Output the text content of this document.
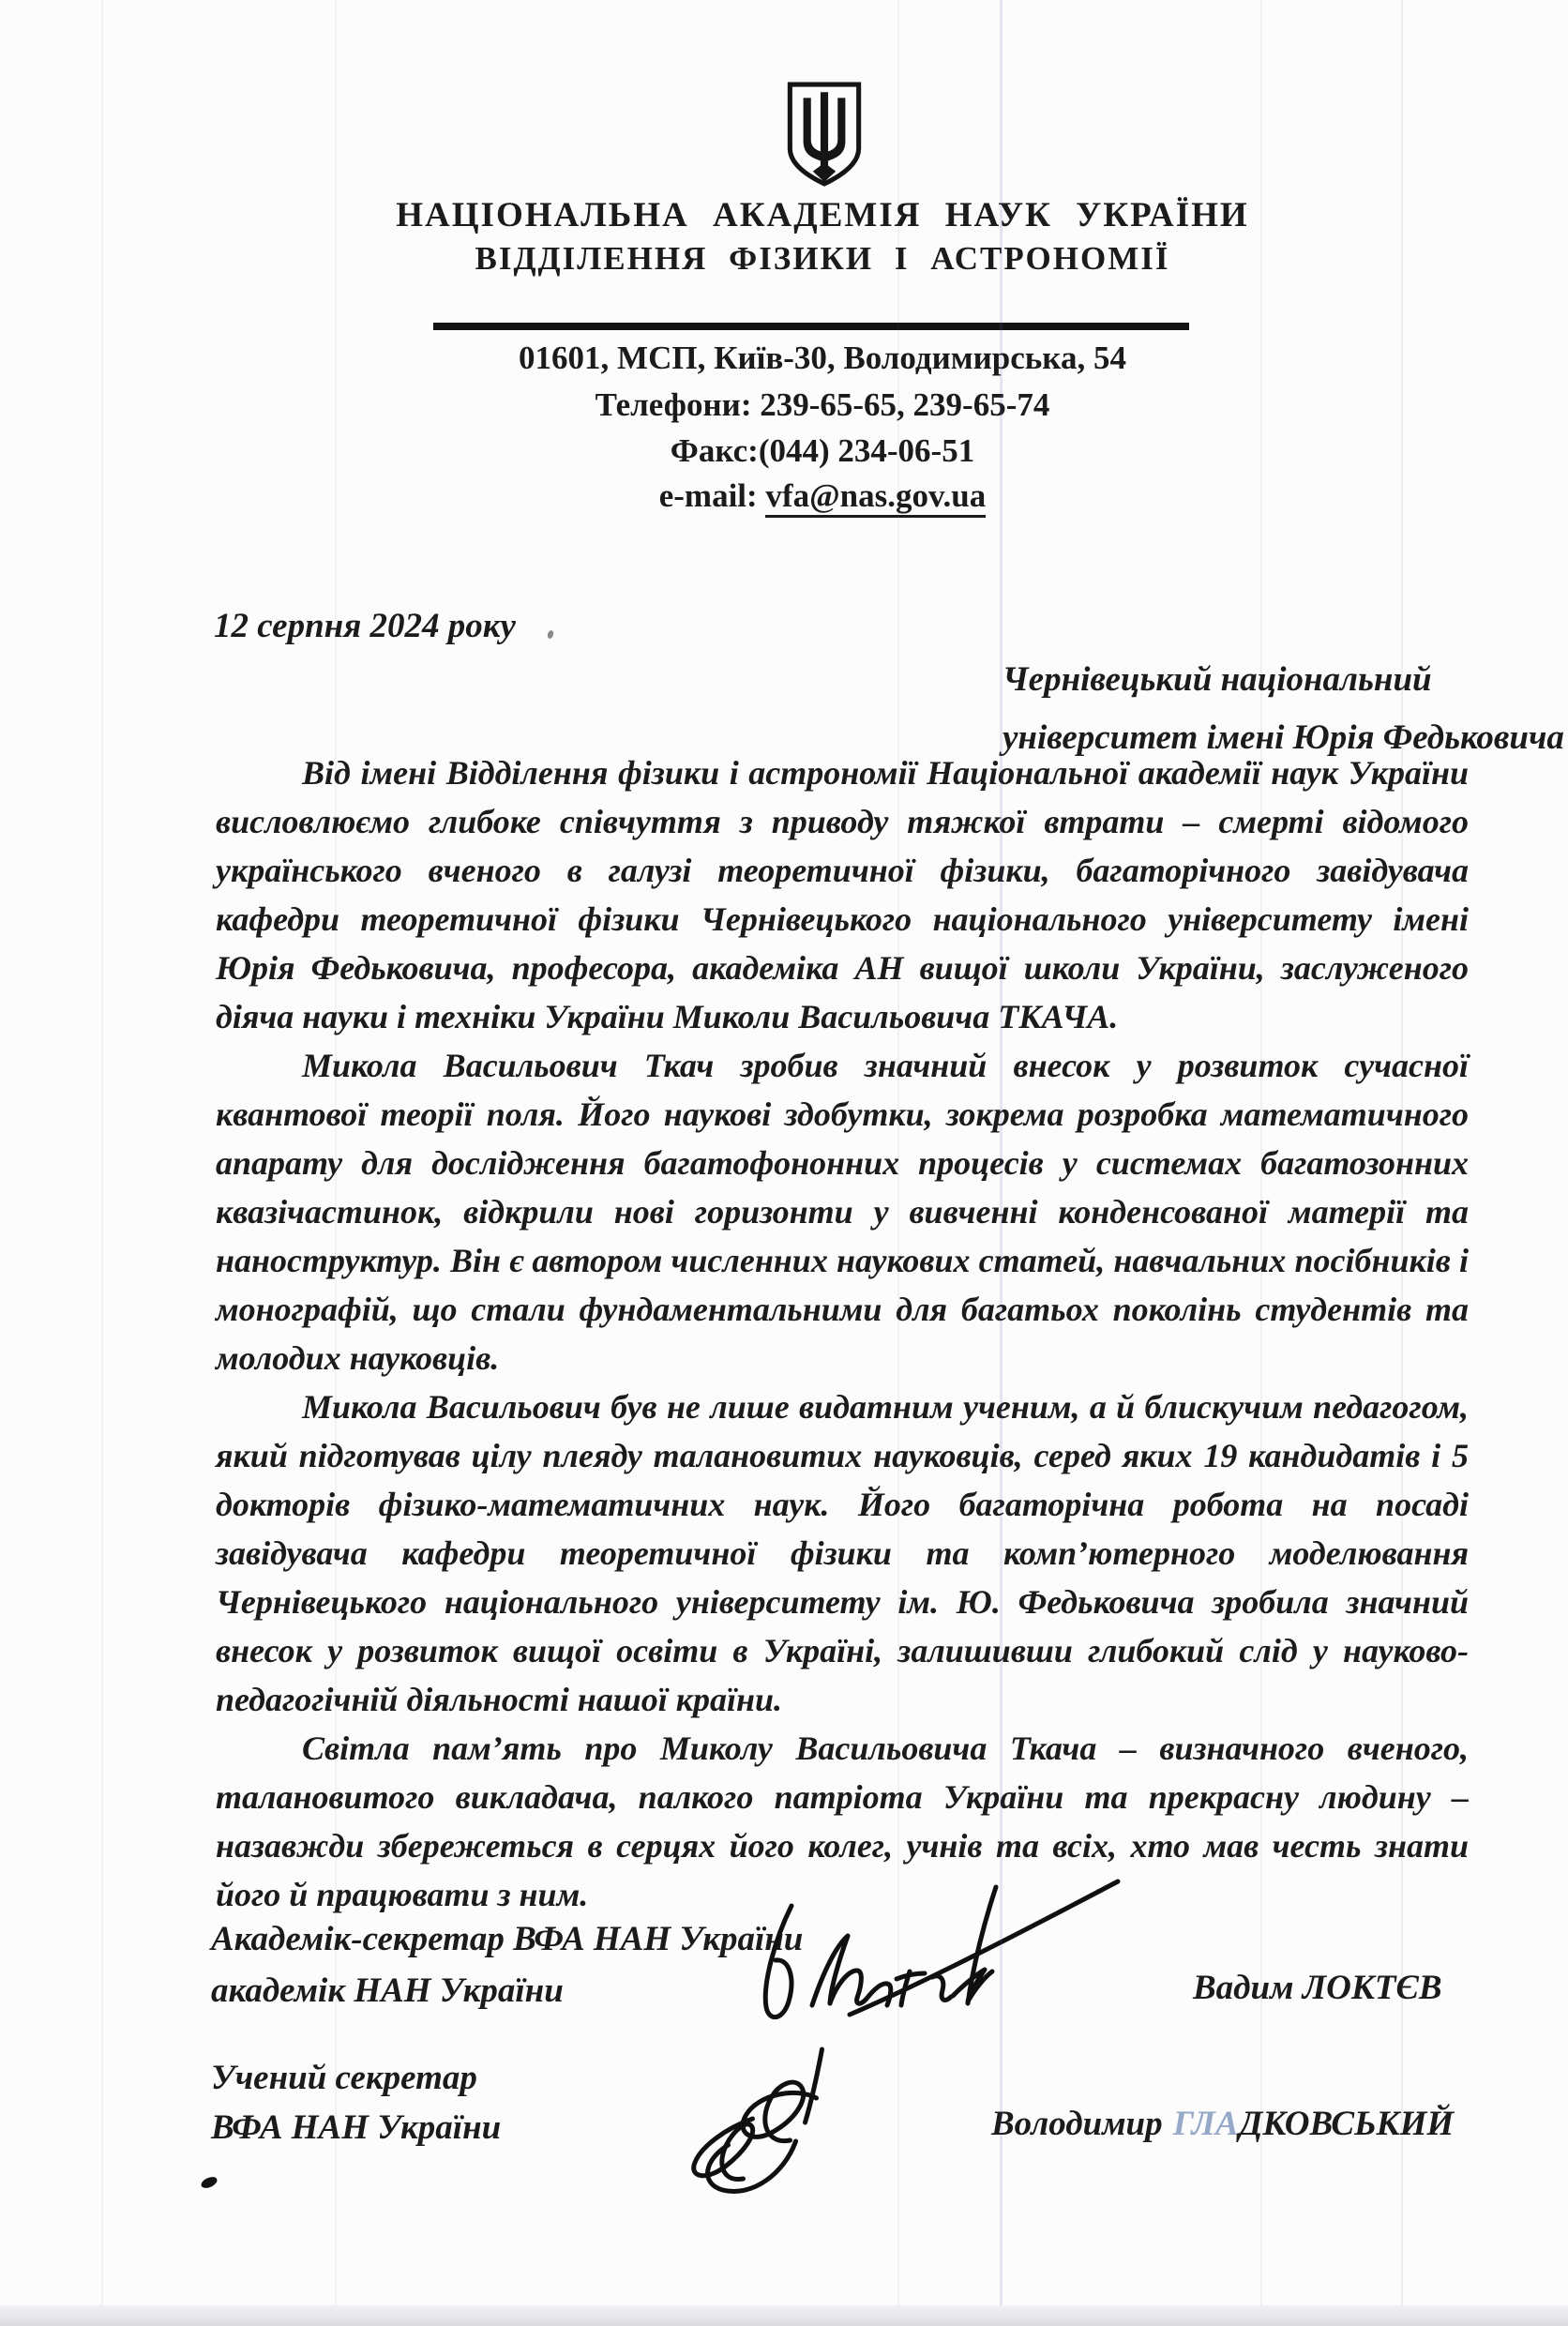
НАЦІОНАЛЬНА АКАДЕМІЯ НАУК УКРАЇНИ
ВІДДІЛЕННЯ ФІЗИКИ І АСТРОНОМІЇ
01601, МСП, Київ-30, Володимирська, 54
Телефони: 239-65-65, 239-65-74
Факс:(044) 234-06-51
e-mail: vfa@nas.gov.ua
12 серпня 2024 року
Чернівецький національний
університет імені Юрія Федьковича

Від імені Відділення фізики і астрономії Національної академії наук України висловлюємо глибоке співчуття з приводу тяжкої втрати – смерті відомого українського вченого в галузі теоретичної фізики, багаторічного завідувача кафедри теоретичної фізики Чернівецького національного університету імені Юрія Федьковича, професора, академіка АН вищої школи України, заслуженого діяча науки і техніки України Миколи Васильовича ТКАЧА.

Микола Васильович Ткач зробив значний внесок у розвиток сучасної квантової теорії поля. Його наукові здобутки, зокрема розробка математичного апарату для дослідження багатофононних процесів у системах багатозонних квазічастинок, відкрили нові горизонти у вивченні конденсованої матерії та наноструктур. Він є автором численних наукових статей, навчальних посібників і монографій, що стали фундаментальними для багатьох поколінь студентів та молодих науковців.

Микола Васильович був не лише видатним ученим, а й блискучим педагогом, який підготував цілу плеяду талановитих науковців, серед яких 19 кандидатів і 5 докторів фізико-математичних наук. Його багаторічна робота на посаді завідувача кафедри теоретичної фізики та комп’ютерного моделювання Чернівецького національного університету ім. Ю. Федьковича зробила значний внесок у розвиток вищої освіти в Україні, залишивши глибокий слід у науково-педагогічній діяльності нашої країни.

Світла пам’ять про Миколу Васильовича Ткача – визначного вченого, талановитого викладача, палкого патріота України та прекрасну людину – назавжди збережеться в серцях його колег, учнів та всіх, хто мав честь знати його й працювати з ним.

Академік-секретар ВФА НАН України
академік НАН України	Вадим ЛОКТЄВ
Учений секретар
ВФА НАН України	Володимир ГЛАДКОВСЬКИЙ
